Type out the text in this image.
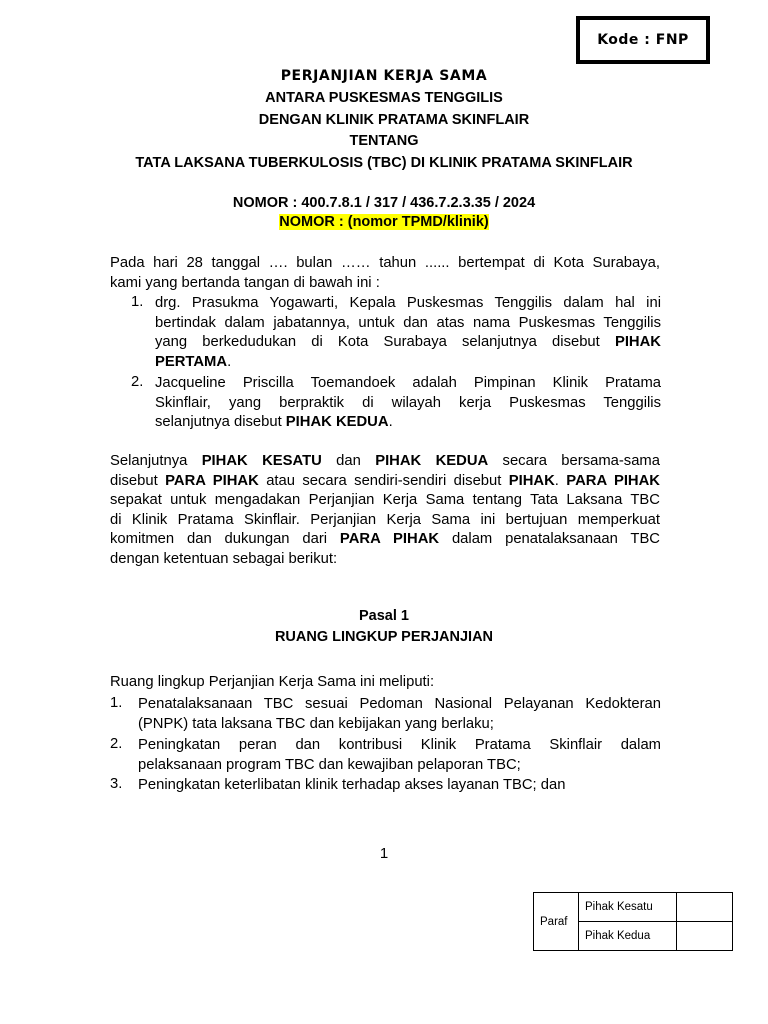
Kode : FNP
PERJANJIAN KERJA SAMA
ANTARA PUSKESMAS TENGGILIS
DENGAN KLINIK PRATAMA SKINFLAIR
TENTANG
TATA LAKSANA TUBERKULOSIS (TBC) DI KLINIK PRATAMA SKINFLAIR
NOMOR : 400.7.8.1 / 317 / 436.7.2.3.35 / 2024
NOMOR : (nomor TPMD/klinik)
Pada hari 28 tanggal …. bulan …… tahun ...... bertempat di Kota Surabaya,
kami yang bertanda tangan di bawah ini :
1. drg. Prasukma Yogawarti, Kepala Puskesmas Tenggilis dalam hal ini
bertindak dalam jabatannya, untuk dan atas nama Puskesmas Tenggilis
yang berkedudukan di Kota Surabaya selanjutnya disebut PIHAK
PERTAMA.
2. Jacqueline Priscilla Toemandoek adalah Pimpinan Klinik Pratama
Skinflair, yang berpraktik di wilayah kerja Puskesmas Tenggilis
selanjutnya disebut PIHAK KEDUA.
Selanjutnya PIHAK KESATU dan PIHAK KEDUA secara bersama-sama
disebut PARA PIHAK atau secara sendiri-sendiri disebut PIHAK. PARA PIHAK
sepakat untuk mengadakan Perjanjian Kerja Sama tentang Tata Laksana TBC
di Klinik Pratama Skinflair. Perjanjian Kerja Sama ini bertujuan memperkuat
komitmen dan dukungan dari PARA PIHAK dalam penatalaksanaan TBC
dengan ketentuan sebagai berikut:
Pasal 1
RUANG LINGKUP PERJANJIAN
Ruang lingkup Perjanjian Kerja Sama ini meliputi:
1. Penatalaksanaan TBC sesuai Pedoman Nasional Pelayanan Kedokteran
(PNPK) tata laksana TBC dan kebijakan yang berlaku;
2. Peningkatan peran dan kontribusi Klinik Pratama Skinflair dalam
pelaksanaan program TBC dan kewajiban pelaporan TBC;
3. Peningkatan keterlibatan klinik terhadap akses layanan TBC; dan
1
Paraf	Pihak Kesatu	
	Pihak Kedua	
